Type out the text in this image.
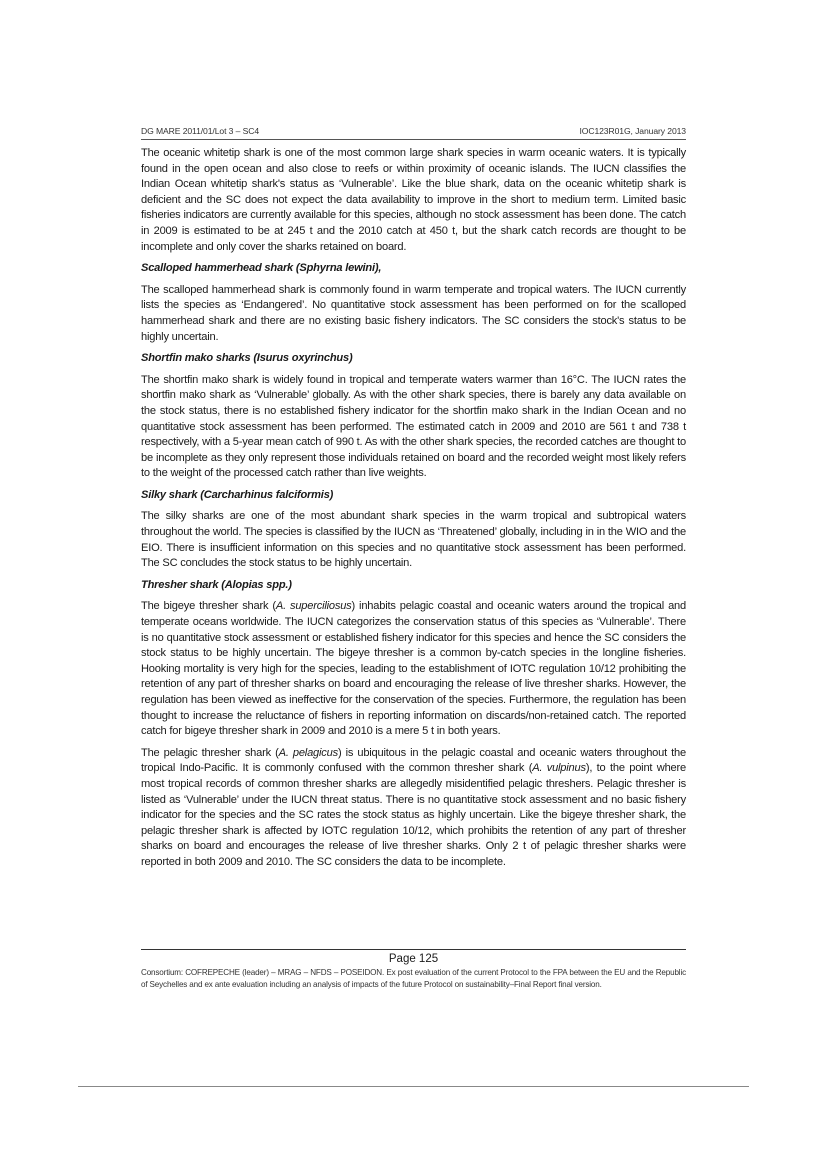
DG MARE 2011/01/Lot 3 – SC4	IOC123R01G, January 2013

The oceanic whitetip shark is one of the most common large shark species in warm oceanic waters. It is typically found in the open ocean and also close to reefs or within proximity of oceanic islands. The IUCN classifies the Indian Ocean whitetip shark's status as ‘Vulnerable’. Like the blue shark, data on the oceanic whitetip shark is deficient and the SC does not expect the data availability to improve in the short to medium term. Limited basic fisheries indicators are currently available for this species, although no stock assessment has been done. The catch in 2009 is estimated to be at 245 t and the 2010 catch at 450 t, but the shark catch records are thought to be incomplete and only cover the sharks retained on board.

Scalloped hammerhead shark (Sphyrna lewini),

The scalloped hammerhead shark is commonly found in warm temperate and tropical waters. The IUCN currently lists the species as ‘Endangered’. No quantitative stock assessment has been performed on for the scalloped hammerhead shark and there are no existing basic fishery indicators. The SC considers the stock's status to be highly uncertain.

Shortfin mako sharks (Isurus oxyrinchus)

The shortfin mako shark is widely found in tropical and temperate waters warmer than 16°C. The IUCN rates the shortfin mako shark as ‘Vulnerable’ globally. As with the other shark species, there is barely any data available on the stock status, there is no established fishery indicator for the shortfin mako shark in the Indian Ocean and no quantitative stock assessment has been performed. The estimated catch in 2009 and 2010 are 561 t and 738 t respectively, with a 5-year mean catch of 990 t. As with the other shark species, the recorded catches are thought to be incomplete as they only represent those individuals retained on board and the recorded weight most likely refers to the weight of the processed catch rather than live weights.

Silky shark (Carcharhinus falciformis)

The silky sharks are one of the most abundant shark species in the warm tropical and subtropical waters throughout the world. The species is classified by the IUCN as ‘Threatened’ globally, including in in the WIO and the EIO. There is insufficient information on this species and no quantitative stock assessment has been performed. The SC concludes the stock status to be highly uncertain.

Thresher shark (Alopias spp.)

The bigeye thresher shark (A. superciliosus) inhabits pelagic coastal and oceanic waters around the tropical and temperate oceans worldwide. The IUCN categorizes the conservation status of this species as ‘Vulnerable’. There is no quantitative stock assessment or established fishery indicator for this species and hence the SC considers the stock status to be highly uncertain. The bigeye thresher is a common by-catch species in the longline fisheries. Hooking mortality is very high for the species, leading to the establishment of IOTC regulation 10/12 prohibiting the retention of any part of thresher sharks on board and encouraging the release of live thresher sharks. However, the regulation has been viewed as ineffective for the conservation of the species. Furthermore, the regulation has been thought to increase the reluctance of fishers in reporting information on discards/non-retained catch. The reported catch for bigeye thresher shark in 2009 and 2010 is a mere 5 t in both years.

The pelagic thresher shark (A. pelagicus) is ubiquitous in the pelagic coastal and oceanic waters throughout the tropical Indo-Pacific. It is commonly confused with the common thresher shark (A. vulpinus), to the point where most tropical records of common thresher sharks are allegedly misidentified pelagic threshers. Pelagic thresher is listed as ‘Vulnerable’ under the IUCN threat status. There is no quantitative stock assessment and no basic fishery indicator for the species and the SC rates the stock status as highly uncertain. Like the bigeye thresher shark, the pelagic thresher shark is affected by IOTC regulation 10/12, which prohibits the retention of any part of thresher sharks on board and encourages the release of live thresher sharks. Only 2 t of pelagic thresher sharks were reported in both 2009 and 2010. The SC considers the data to be incomplete.

Page 125
Consortium: COFREPECHE (leader) – MRAG – NFDS – POSEIDON. Ex post evaluation of the current Protocol to the FPA between the EU and the Republic of Seychelles and ex ante evaluation including an analysis of impacts of the future Protocol on sustainability–Final Report final version.
